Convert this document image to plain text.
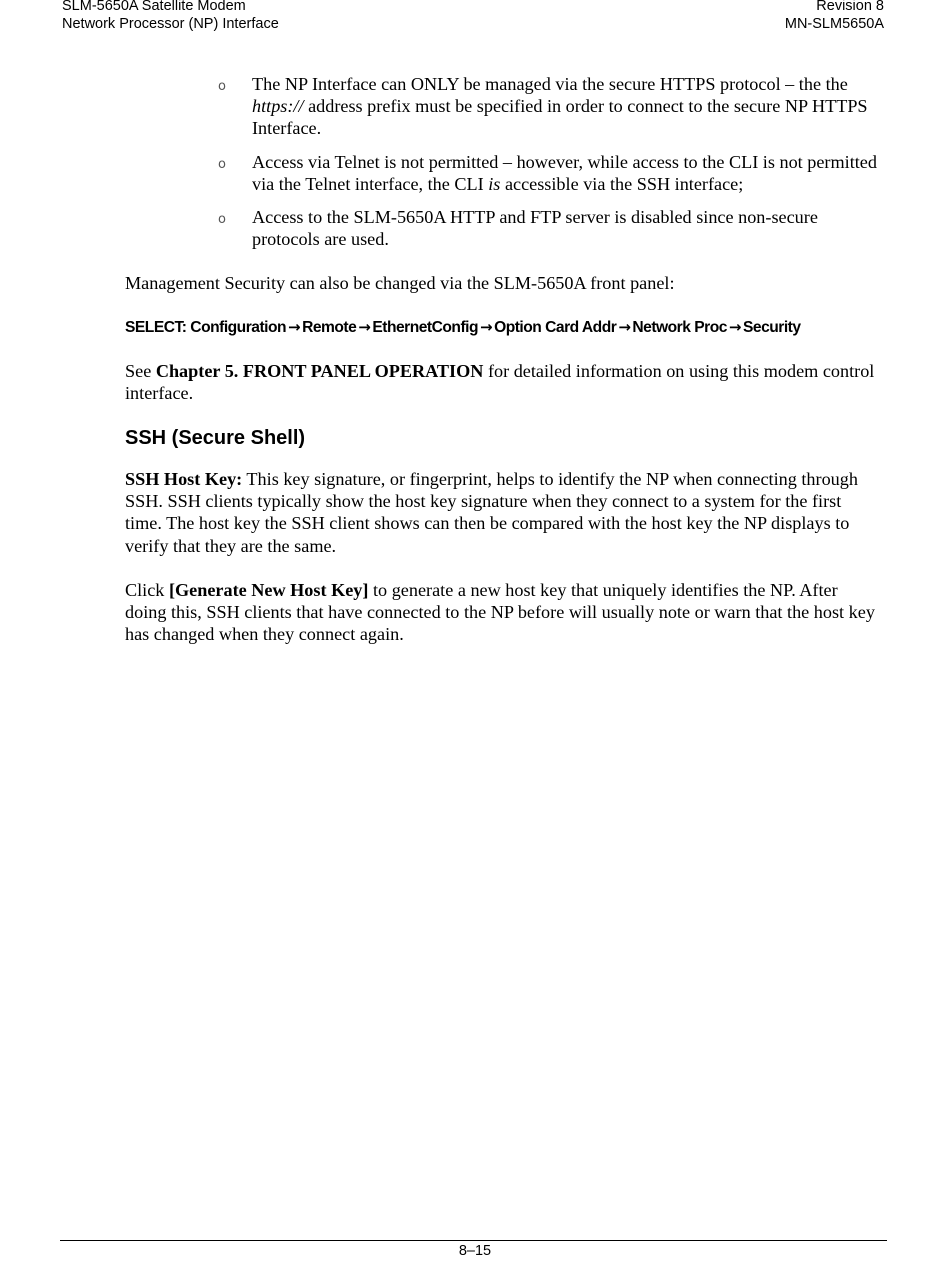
SLM-5650A Satellite Modem
Network Processor (NP) Interface
Revision 8
MN-SLM5650A
o The NP Interface can ONLY be managed via the secure HTTPS protocol – the the https:// address prefix must be specified in order to connect to the secure NP HTTPS Interface.
o Access via Telnet is not permitted – however, while access to the CLI is not permitted via the Telnet interface, the CLI is accessible via the SSH interface;
o Access to the SLM-5650A HTTP and FTP server is disabled since non-secure protocols are used.

Management Security can also be changed via the SLM-5650A front panel:

SELECT: Configuration → Remote → EthernetConfig → Option Card Addr → Network Proc → Security

See Chapter 5. FRONT PANEL OPERATION for detailed information on using this modem control interface.

SSH (Secure Shell)

SSH Host Key: This key signature, or fingerprint, helps to identify the NP when connecting through SSH. SSH clients typically show the host key signature when they connect to a system for the first time. The host key the SSH client shows can then be compared with the host key the NP displays to verify that they are the same.

Click [Generate New Host Key] to generate a new host key that uniquely identifies the NP. After doing this, SSH clients that have connected to the NP before will usually note or warn that the host key has changed when they connect again.

8–15
